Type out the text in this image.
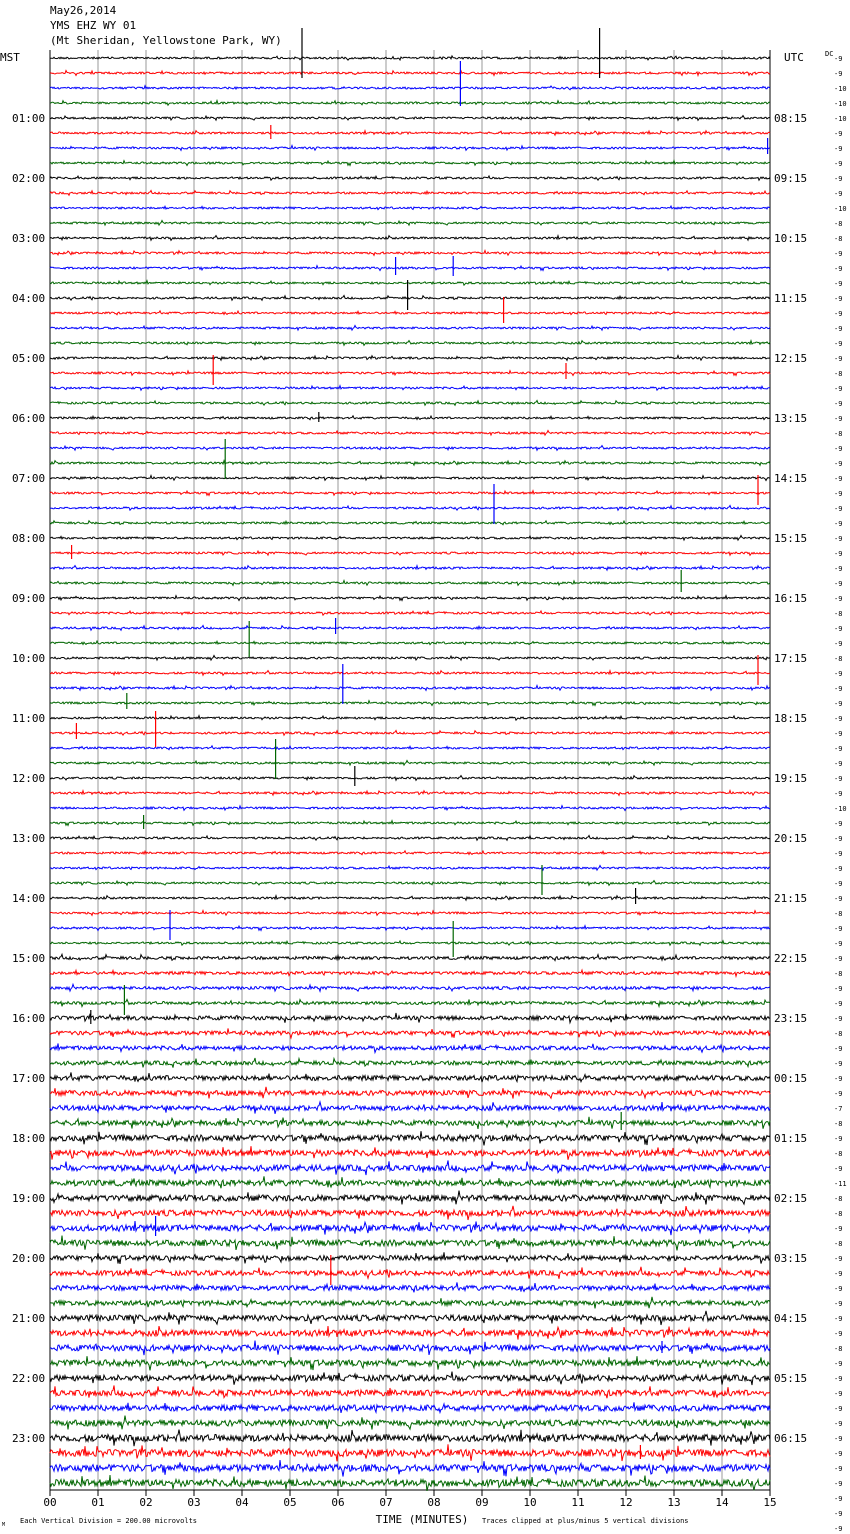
May26,2014
YMS EHZ WY 01
(Mt Sheridan, Yellowstone Park, WY)
MST	UTC	DC
01:00
02:00
03:00
04:00
05:00
06:00
07:00
08:00
09:00
10:00
11:00
12:00
13:00
14:00
15:00
16:00
17:00
18:00
19:00
20:00
21:00
22:00
23:00
08:15
09:15
10:15
11:15
12:15
13:15
14:15
15:15
16:15
17:15
18:15
19:15
20:15
21:15
22:15
23:15
00:15
01:15
02:15
03:15
04:15
05:15
06:15
-9
-9
-10
-10
-10
-9
-9
-9
-9
-9
-10
-8
-8
-9
-9
-9
-9
-9
-9
-9
-9
-8
-9
-9
-9
-8
-9
-9
-9
-9
-9
-9
-9
-9
-9
-9
-9
-8
-9
-9
-8
-9
-9
-9
-9
-9
-9
-9
-9
-9
-10
-9
-9
-9
-9
-9
-9
-8
-9
-9
-9
-8
-9
-9
-9
-8
-9
-9
-9
-9
-7
-8
-9
-8
-9
-11
-8
-8
-9
-8
-9
-9
-9
-9
-9
-9
-8
-9
-9
-9
-9
-9
-9
-9
-9
-9
-9
-9
-9
00	01	02	03	04	05	06	07	08	09	10	11	12	13	14	15
TIME (MINUTES)
Each Vertical Division = 200.00 microvolts	Traces clipped at plus/minus 5 vertical divisions
M
